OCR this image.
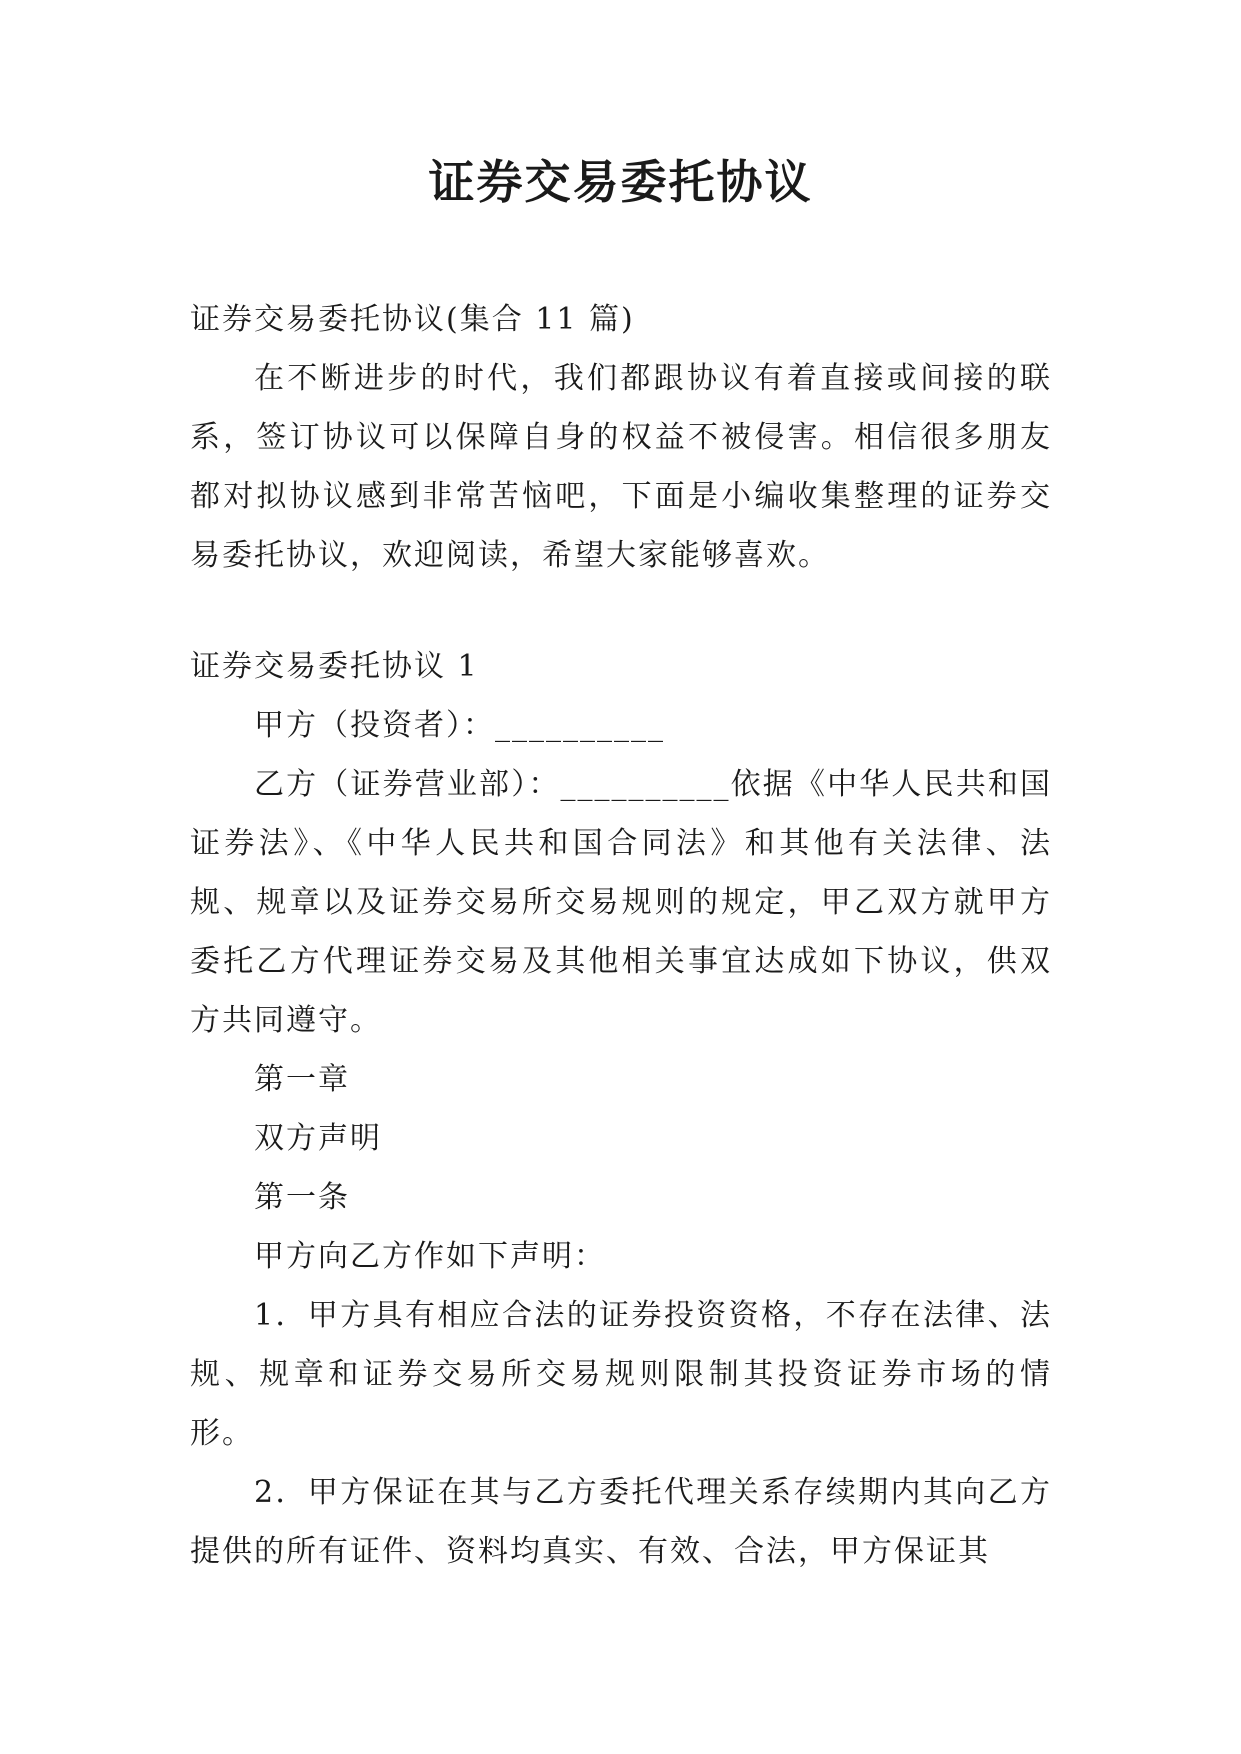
证券交易委托协议

证券交易委托协议(集合 11 篇)

在不断进步的时代，我们都跟协议有着直接或间接的联系，签订协议可以保障自身的权益不被侵害。相信很多朋友都对拟协议感到非常苦恼吧，下面是小编收集整理的证券交易委托协议，欢迎阅读，希望大家能够喜欢。

证券交易委托协议 1

甲方（投资者）：__________

乙方（证券营业部）：__________依据《中华人民共和国证券法》、《中华人民共和国合同法》和其他有关法律、法规、规章以及证券交易所交易规则的规定，甲乙双方就甲方委托乙方代理证券交易及其他相关事宜达成如下协议，供双方共同遵守。

第一章

双方声明

第一条

甲方向乙方作如下声明：

1．甲方具有相应合法的证券投资资格，不存在法律、法规、规章和证券交易所交易规则限制其投资证券市场的情形。

2．甲方保证在其与乙方委托代理关系存续期内其向乙方提供的所有证件、资料均真实、有效、合法，甲方保证其
